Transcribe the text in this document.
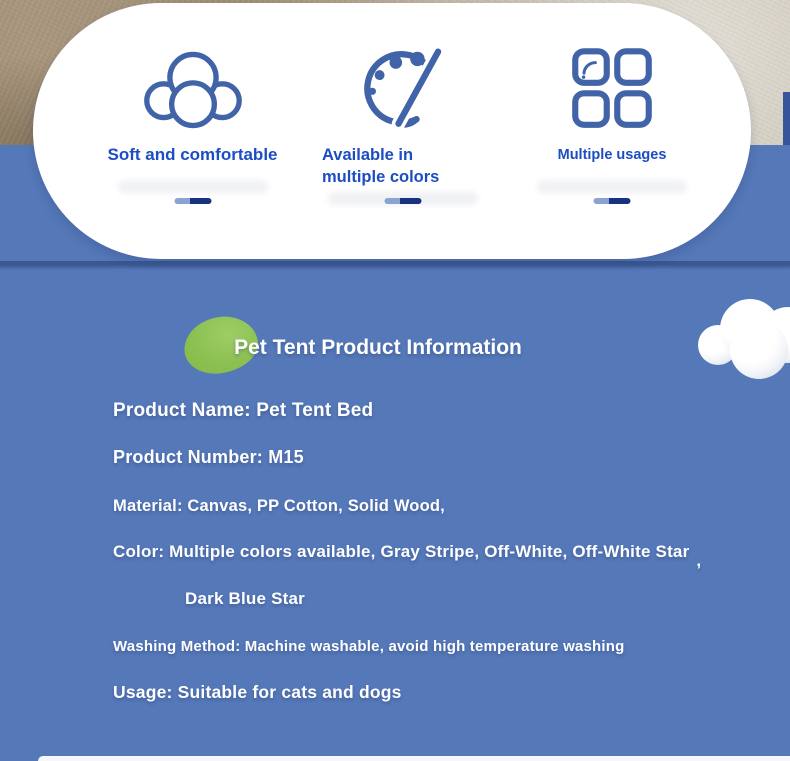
Soft and comfortable	Available in
multiple colors
Multiple usages
Pet Tent Product Information
Product Name: Pet Tent Bed
Product Number: M15
Material: Canvas, PP Cotton, Solid Wood,
Color: Multiple colors available, Gray Stripe, Off-White, Off-White Star ,
Dark Blue Star
Washing Method: Machine washable, avoid high temperature washing
Usage: Suitable for cats and dogs
